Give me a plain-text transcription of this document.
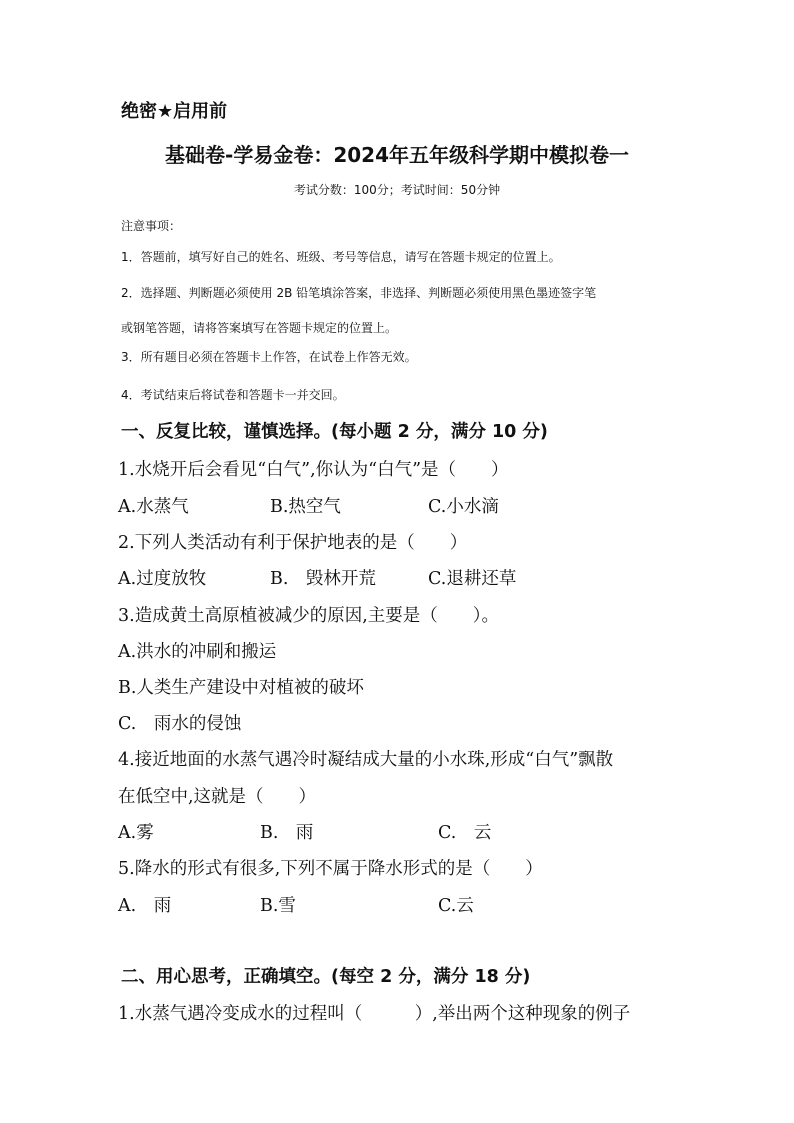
绝密★启用前
基础卷-学易金卷：2024年五年级科学期中模拟卷一
考试分数：100分；考试时间：50分钟
注意事项：
1．答题前，填写好自己的姓名、班级、考号等信息，请写在答题卡规定的位置上。
2．选择题、判断题必须使用 2B 铅笔填涂答案，非选择、判断题必须使用黑色墨迹签字笔
或钢笔答题，请将答案填写在答题卡规定的位置上。
3．所有题目必须在答题卡上作答，在试卷上作答无效。
4．考试结束后将试卷和答题卡一并交回。
一、反复比较，谨慎选择。(每小题 2 分，满分 10 分)
1.水烧开后会看见“白气”,你认为“白气”是（　　）
A.水蒸气	B.热空气	C.小水滴
2.下列人类活动有利于保护地表的是（　　）
A.过度放牧	B.　毁林开荒	C.退耕还草
3.造成黄土高原植被减少的原因,主要是（　　）。
A.洪水的冲刷和搬运
B.人类生产建设中对植被的破坏
C.　雨水的侵蚀
4.接近地面的水蒸气遇冷时凝结成大量的小水珠,形成“白气”飘散
在低空中,这就是（　　）
A.雾	B.　雨	C.　云
5.降水的形式有很多,下列不属于降水形式的是（　　）
A.　雨	B.雪	C.云
二、用心思考，正确填空。(每空 2 分，满分 18 分)
1.水蒸气遇冷变成水的过程叫（　　　）,举出两个这种现象的例子
